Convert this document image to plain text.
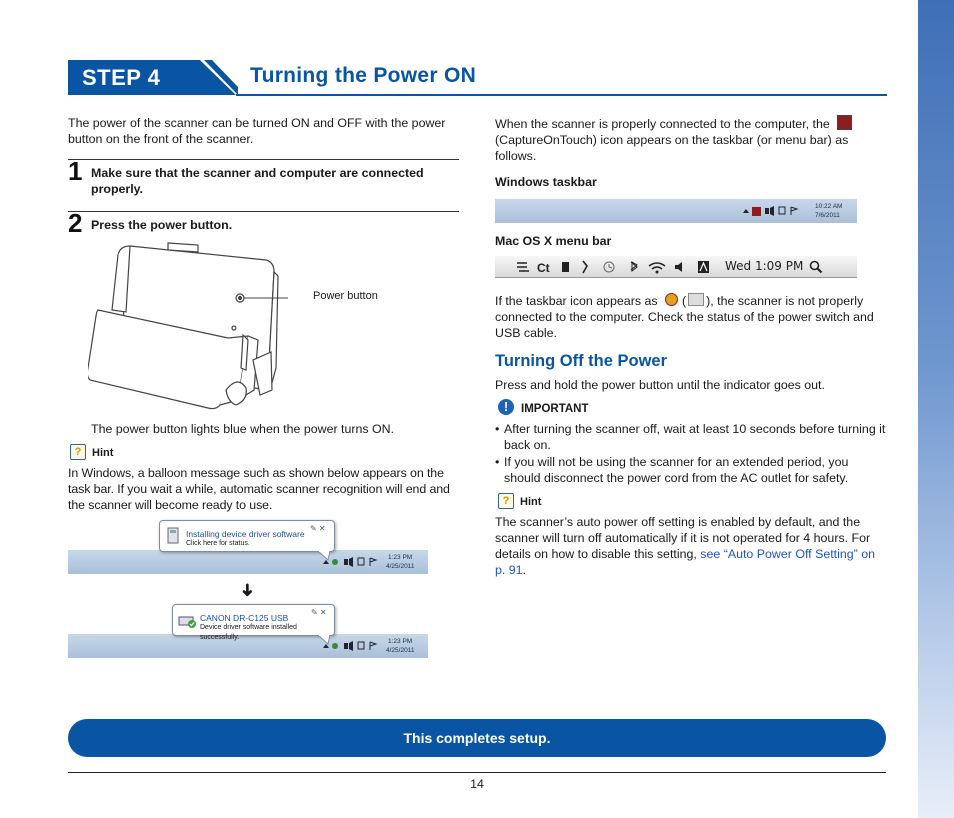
STEP 4	Turning the Power ON

The power of the scanner can be turned ON and OFF with the power button on the front of the scanner.

1 Make sure that the scanner and computer are connected properly.

2 Press the power button.

Power button

The power button lights blue when the power turns ON.

? Hint

In Windows, a balloon message such as shown below appears on the task bar. If you wait a while, automatic scanner recognition will end and the scanner will become ready to use.

1:23 PM
4/25/2011
Installing device driver software
Click here for status.
✎ ✕
➜
1:23 PM
4/25/2011
CANON DR-C125 USB
Device driver software installed successfully.
✎ ✕
When the scanner is properly connected to the computer, the
(CaptureOnTouch) icon appears on the taskbar (or menu bar) as follows.
Windows taskbar
10:22 AM
7/6/2011
Mac OS X menu bar
Ct	Wed 1:09 PM
If the taskbar icon appears as ( ), the scanner is not properly connected to the computer. Check the status of the power switch and USB cable.
Turning Off the Power

Press and hold the power button until the indicator goes out.

!	IMPORTANT
• After turning the scanner off, wait at least 10 seconds before turning it back on.
• If you will not be using the scanner for an extended period, you should disconnect the power cord from the AC outlet for safety.
? Hint

The scanner’s auto power off setting is enabled by default, and the scanner will turn off automatically if it is not operated for 4 hours. For details on how to disable this setting, see “Auto Power Off Setting” on p. 91.

This completes setup.
14
